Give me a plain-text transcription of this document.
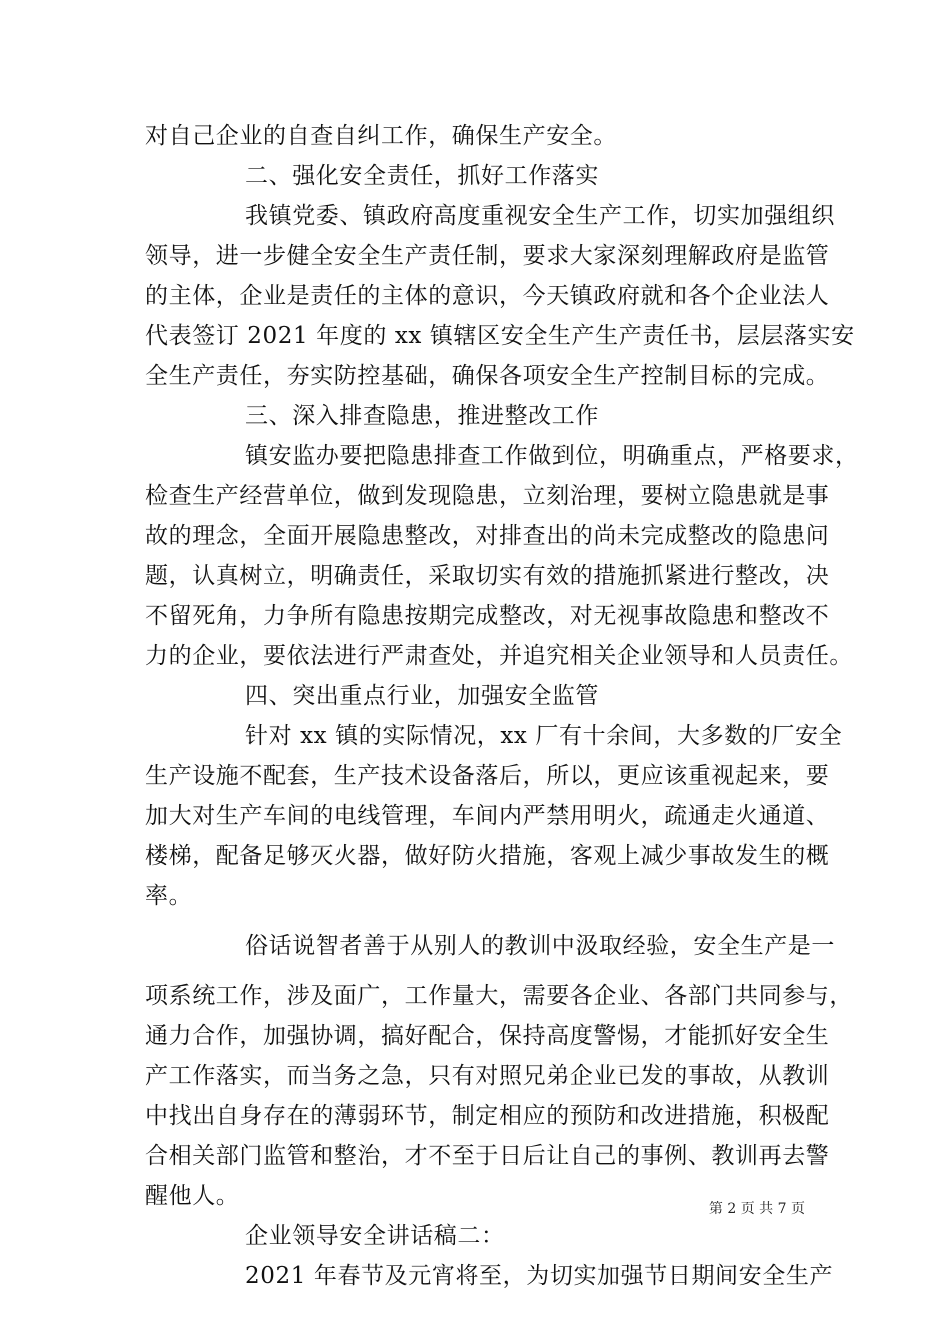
对自己企业的自查自纠工作，确保生产安全。
二、强化安全责任，抓好工作落实
我镇党委、镇政府高度重视安全生产工作，切实加强组织
领导，进一步健全安全生产责任制，要求大家深刻理解政府是监管
的主体，企业是责任的主体的意识，今天镇政府就和各个企业法人
代表签订 2021 年度的 xx 镇辖区安全生产生产责任书，层层落实安
全生产责任，夯实防控基础，确保各项安全生产控制目标的完成。
三、深入排查隐患，推进整改工作
镇安监办要把隐患排查工作做到位，明确重点，严格要求，
检查生产经营单位，做到发现隐患，立刻治理，要树立隐患就是事
故的理念，全面开展隐患整改，对排查出的尚未完成整改的隐患问
题，认真树立，明确责任，采取切实有效的措施抓紧进行整改，决
不留死角，力争所有隐患按期完成整改，对无视事故隐患和整改不
力的企业，要依法进行严肃查处，并追究相关企业领导和人员责任。
四、突出重点行业，加强安全监管
针对 xx 镇的实际情况，xx 厂有十余间，大多数的厂安全
生产设施不配套，生产技术设备落后，所以，更应该重视起来，要
加大对生产车间的电线管理，车间内严禁用明火，疏通走火通道、
楼梯，配备足够灭火器，做好防火措施，客观上减少事故发生的概
率。
俗话说智者善于从别人的教训中汲取经验，安全生产是一
项系统工作，涉及面广，工作量大，需要各企业、各部门共同参与，
通力合作，加强协调，搞好配合，保持高度警惕，才能抓好安全生
产工作落实，而当务之急，只有对照兄弟企业已发的事故，从教训
中找出自身存在的薄弱环节，制定相应的预防和改进措施，积极配
合相关部门监管和整治，才不至于日后让自己的事例、教训再去警
醒他人。
企业领导安全讲话稿二：
2021 年春节及元宵将至，为切实加强节日期间安全生产
第 2 页 共 7 页
